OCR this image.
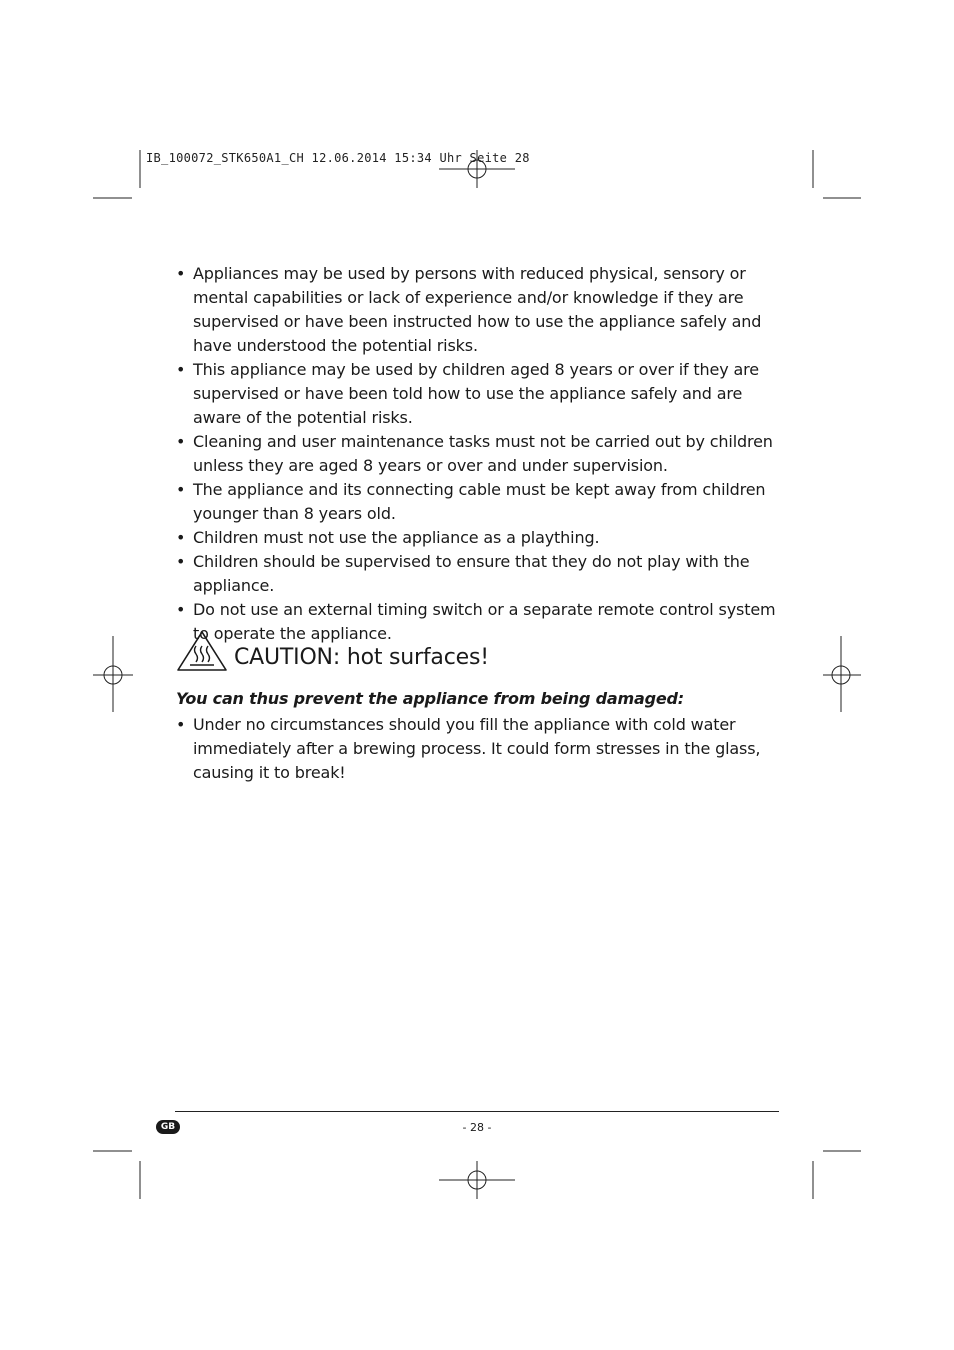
IB_100072_STK650A1_CH 12.06.2014 15:34 Uhr Seite 28
• Appliances may be used by persons with reduced physical, sensory or mental capabilities or lack of experience and/or knowledge if they are supervised or have been instructed how to use the appliance safely and have understood the potential risks.
• This appliance may be used by children aged 8 years or over if they are supervised or have been told how to use the appliance safely and are aware of the potential risks.
• Cleaning and user maintenance tasks must not be carried out by children unless they are aged 8 years or over and under supervision.
• The appliance and its connecting cable must be kept away from children younger than 8 years old.
• Children must not use the appliance as a plaything.
• Children should be supervised to ensure that they do not play with the appliance.
• Do not use an external timing switch or a separate remote control system to operate the appliance.
CAUTION: hot surfaces!
You can thus prevent the appliance from being damaged:
• Under no circumstances should you fill the appliance with cold water immediately after a brewing process. It could form stresses in the glass, causing it to break!
GB	- 28 -
